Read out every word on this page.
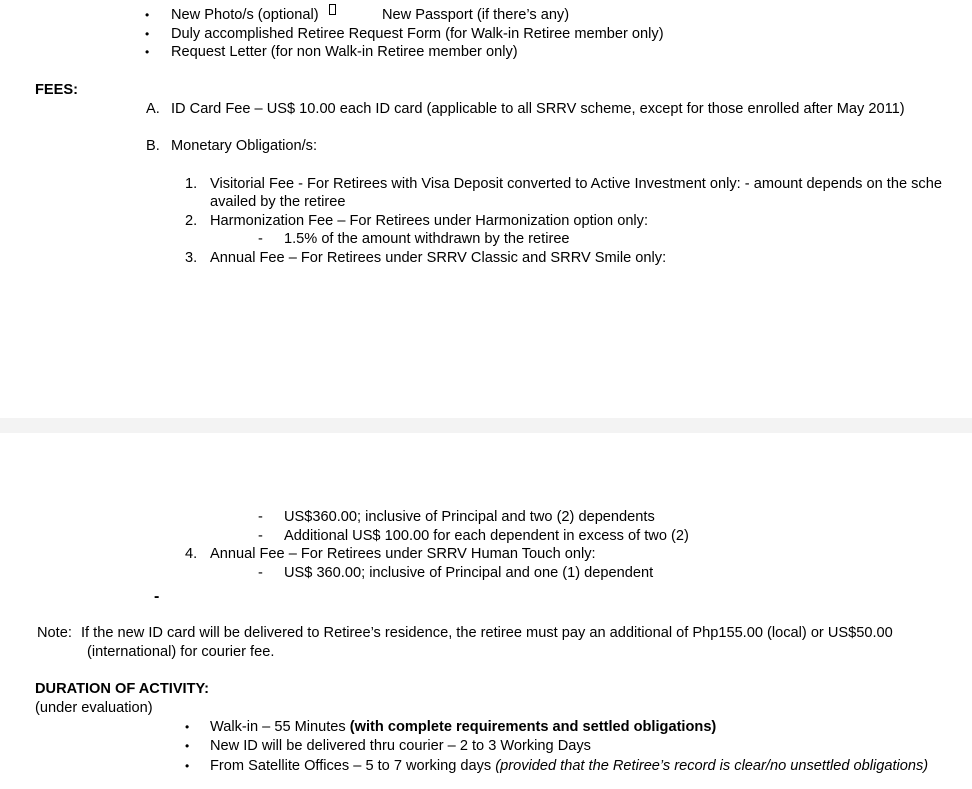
• New Photo/s (optional)	New Passport (if there’s any)
• Duly accomplished Retiree Request Form (for Walk-in Retiree member only)
• Request Letter (for non Walk-in Retiree member only)
FEES:
A. ID Card Fee – US$ 10.00 each ID card (applicable to all SRRV scheme, except for those enrolled after May 2011)
B. Monetary Obligation/s:
1. Visitorial Fee - For Retirees with Visa Deposit converted to Active Investment only: - amount depends on the sche
availed by the retiree
2. Harmonization Fee – For Retirees under Harmonization option only:
- 1.5% of the amount withdrawn by the retiree
3. Annual Fee – For Retirees under SRRV Classic and SRRV Smile only:
- US$360.00; inclusive of Principal and two (2) dependents
- Additional US$ 100.00 for each dependent in excess of two (2)
4. Annual Fee – For Retirees under SRRV Human Touch only:
- US$ 360.00; inclusive of Principal and one (1) dependent
-
Note: If the new ID card will be delivered to Retiree’s residence, the retiree must pay an additional of Php155.00 (local) or US$50.00
(international) for courier fee.
DURATION OF ACTIVITY:
(under evaluation)
• Walk-in – 55 Minutes (with complete requirements and settled obligations)
• New ID will be delivered thru courier – 2 to 3 Working Days
• From Satellite Offices – 5 to 7 working days (provided that the Retiree’s record is clear/no unsettled obligations)
